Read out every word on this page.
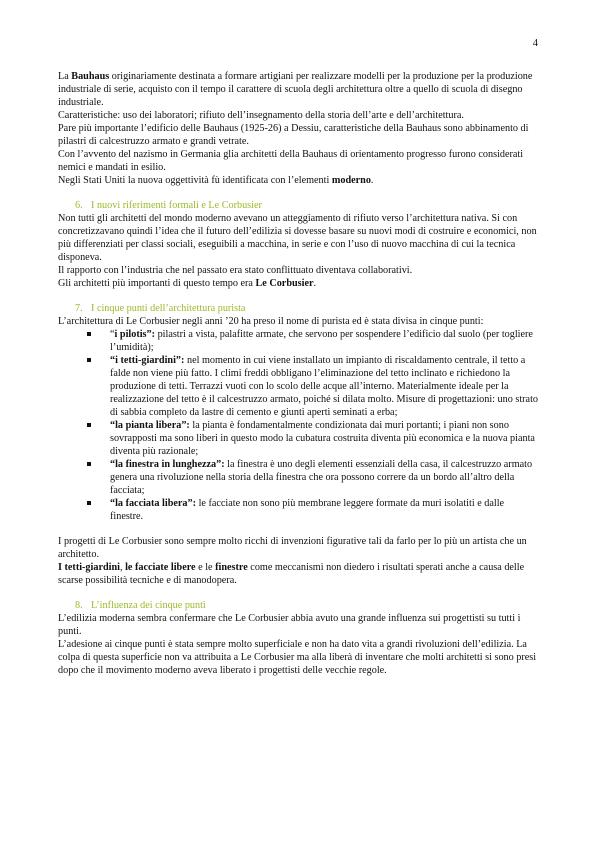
4

La Bauhaus originariamente destinata a formare artigiani per realizzare modelli per la produzione per la produzione industriale di serie, acquisto con il tempo il carattere di scuola degli architettura oltre a quello di scuola di disegno industriale.

Caratteristiche: uso dei laboratori; rifiuto dell’insegnamento della storia dell’arte e dell’architettura.

Pare più importante l’edificio delle Bauhaus (1925-26) a Dessiu, caratteristiche della Bauhaus sono abbinamento di pilastri di calcestruzzo armato e grandi vetrate.

Con l’avvento del nazismo in Germania glia architetti della Bauhaus di orientamento progresso furono considerati nemici e mandati in esilio.

Negli Stati Uniti la nuova oggettività fù identificata con l’elementi moderno.

6. I nuovi riferimenti formali e Le Corbusier

Non tutti gli architetti del mondo moderno avevano un atteggiamento di rifiuto verso l’architettura nativa. Si con concretizzavano quindi l’idea che il futuro dell’edilizia si dovesse basare su nuovi modi di costruire e economici, non più differenziati per classi sociali, eseguibili a macchina, in serie e con l’uso di nuovo macchina di cui la tecnica disponeva.

Il rapporto con l’industria che nel passato era stato conflittuato diventava collaborativi.

Gli architetti più importanti di questo tempo era Le Corbusier.

7. I cinque punti dell’architettura purista

L’architettura di Le Corbusier negli anni ’20 ha preso il nome di purista ed è stata divisa in cinque punti:

“i pilotis”: pilastri a vista, palafitte armate, che servono per sospendere l’edificio dal suolo (per togliere l’umidità);
“i tetti-giardini”: nel momento in cui viene installato un impianto di riscaldamento centrale, il tetto a falde non viene più fatto. I climi freddi obbligano l’eliminazione del tetto inclinato e richiedono la produzione di tetti. Terrazzi vuoti con lo scolo delle acque all’interno. Materialmente ideale per la realizzazione del tetto è il calcestruzzo armato, poiché si dilata molto. Misure di progettazioni: uno strato di sabbia completo da lastre di cemento e giunti aperti seminati a erba;
“la pianta libera”: la pianta è fondamentalmente condizionata dai muri portanti; i piani non sono sovrapposti ma sono liberi in questo modo la cubatura costruita diventa più economica e la nuova pianta diventa più razionale;
“la finestra in lunghezza”: la finestra è uno degli elementi essenziali della casa, il calcestruzzo armato genera una rivoluzione nella storia della finestra che ora possono correre da un bordo all’altro della facciata;
“la facciata libera”: le facciate non sono più membrane leggere formate da muri isolatiti e dalle finestre.

I progetti di Le Corbusier sono sempre molto ricchi di invenzioni figurative tali da farlo per lo più un artista che un architetto.

I tetti-giardini, le facciate libere e le finestre come meccanismi non diedero i risultati sperati anche a causa delle scarse possibilità tecniche e di manodopera.

8. L’influenza dei cinque punti

L’edilizia moderna sembra confermare che Le Corbusier abbia avuto una grande influenza sui progettisti su tutti i punti.

L’adesione ai cinque punti è stata sempre molto superficiale e non ha dato vita a grandi rivoluzioni dell’edilizia. La colpa di questa superficie non va attribuita a Le Corbusier ma alla liberà di inventare che molti architetti si sono presi dopo che il movimento moderno aveva liberato i progettisti delle vecchie regole.
